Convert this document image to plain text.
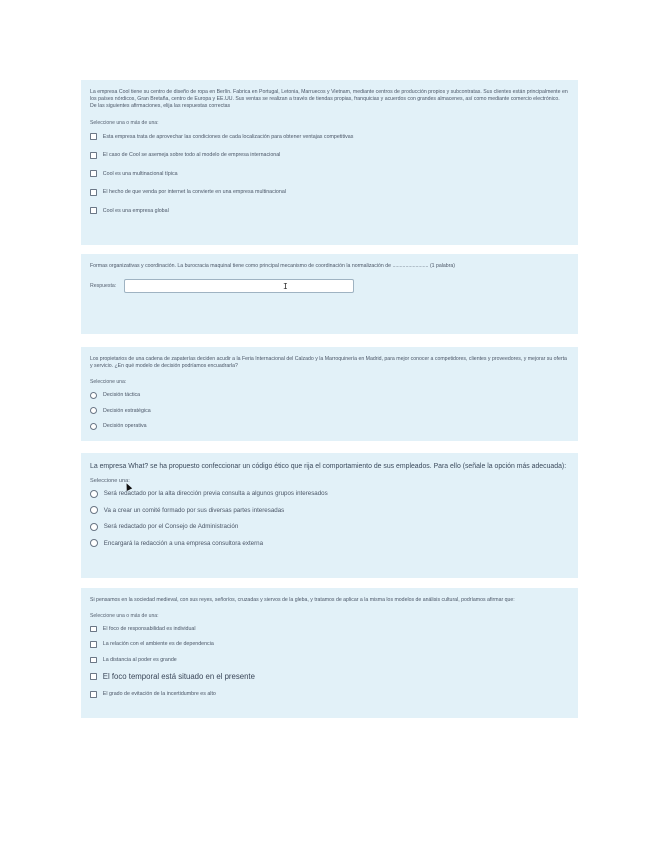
La empresa Cool tiene su centro de diseño de ropa en Berlín. Fabrica en Portugal, Letonia, Marruecos y Vietnam, mediante centros de producción propios y subcontratas. Sus clientes están principalmente en los países nórdicos, Gran Bretaña, centro de Europa y EE.UU. Sus ventas se realizan a través de tiendas propias, franquicias y acuerdos con grandes almacenes, así como mediante comercio electrónico.

De las siguientes afirmaciones, elija las respuestas correctas

Seleccione una o más de una:
Esta empresa trata de aprovechar las condiciones de cada localización para obtener ventajas competitivas
El caso de Cool se asemeja sobre todo al modelo de empresa internacional
Cool es una multinacional típica
El hecho de que venda por internet la convierte en una empresa multinacional
Cool es una empresa global

Formas organizativas y coordinación. La burocracia maquinal tiene como principal mecanismo de coordinación la normalización de ......................... (1 palabra)

Respuesta:	I

Los propietarios de una cadena de zapaterías deciden acudir a la Feria Internacional del Calzado y la Marroquinería en Madrid, para mejor conocer a competidores, clientes y proveedores, y mejorar su oferta y servicio. ¿En qué modelo de decisión podríamos encuadrarla?

Seleccione una:
Decisión táctica
Decisión estratégica
Decisión operativa

La empresa What? se ha propuesto confeccionar un código ético que rija el comportamiento de sus empleados. Para ello (señale la opción más adecuada):

Seleccione una:
Será redactado por la alta dirección previa consulta a algunos grupos interesados
Va a crear un comité formado por sus diversas partes interesadas
Será redactado por el Consejo de Administración
Encargará la redacción a una empresa consultora externa

Si pensamos en la sociedad medieval, con sus reyes, señoríos, cruzadas y siervos de la gleba, y tratamos de aplicar a la misma los modelos de análisis cultural, podríamos afirmar que:

Seleccione una o más de una:
El foco de responsabilidad es individual
La relación con el ambiente es de dependencia
La distancia al poder es grande
El foco temporal está situado en el presente
El grado de evitación de la incertidumbre es alto
